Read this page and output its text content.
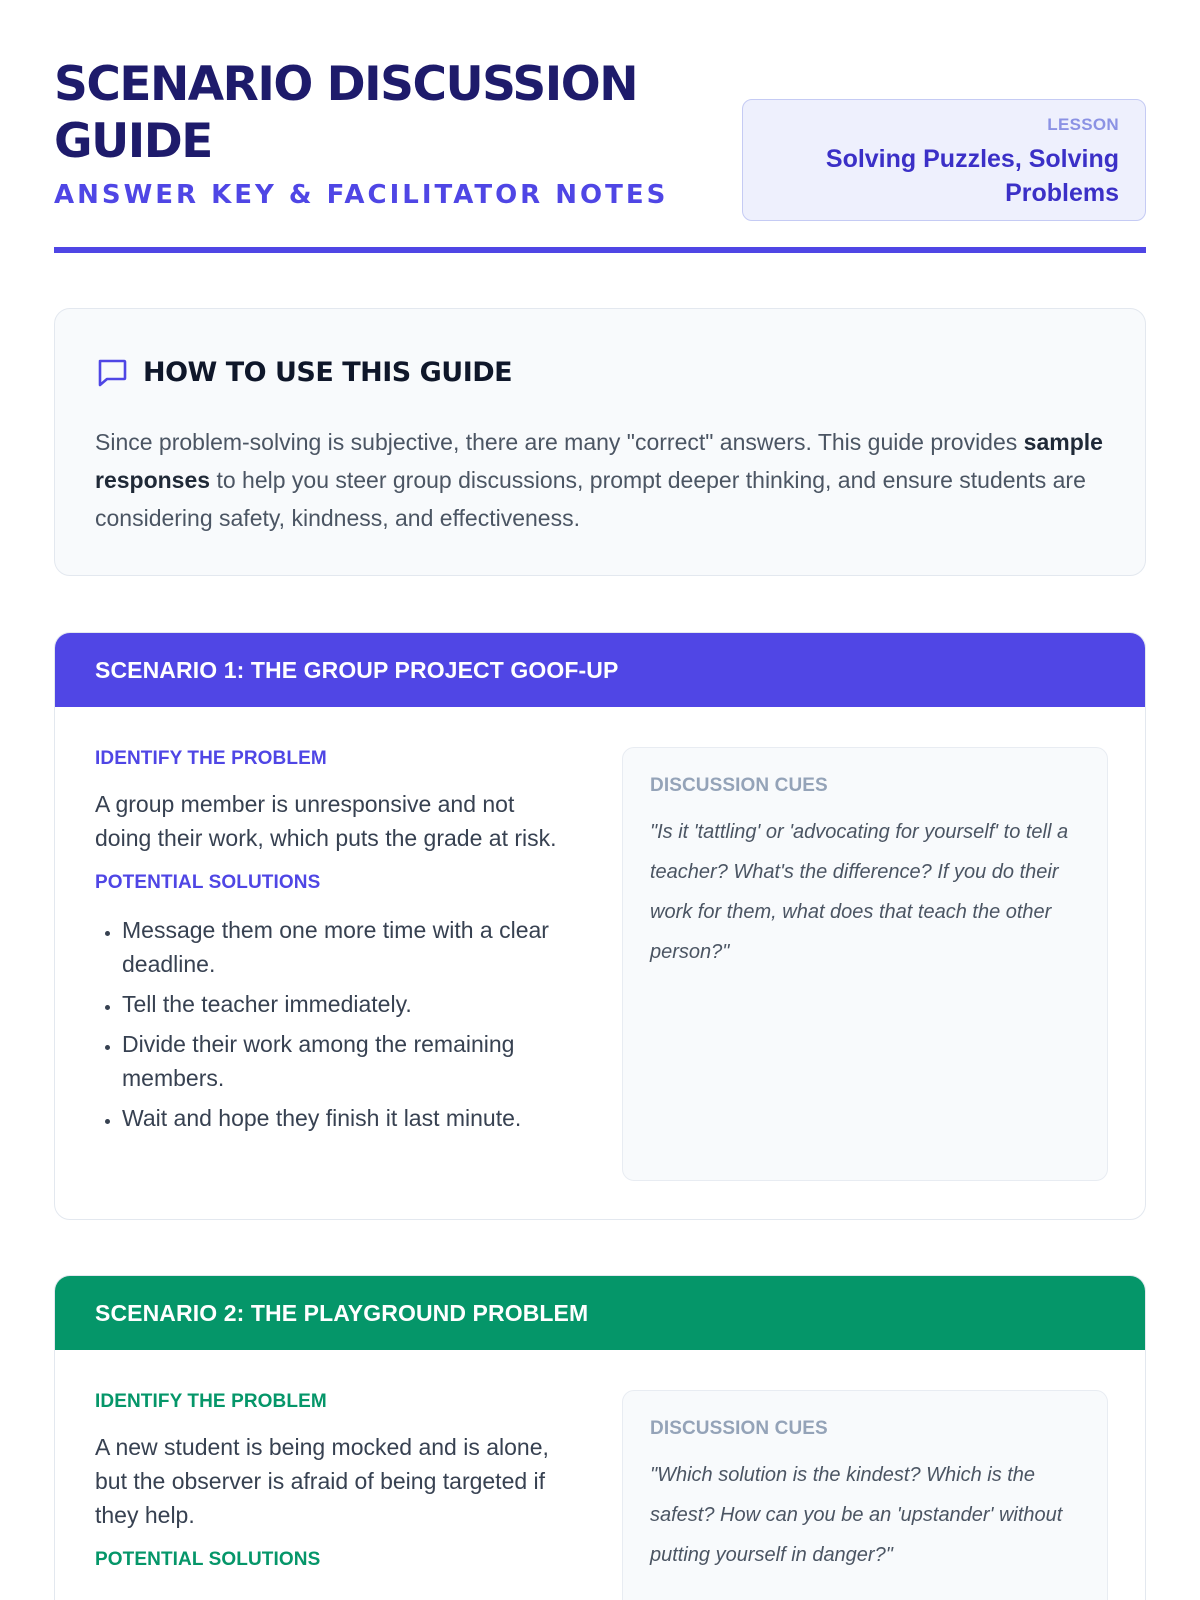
SCENARIO DISCUSSION GUIDE
ANSWER KEY & FACILITATOR NOTES
LESSON
Solving Puzzles, Solving Problems
HOW TO USE THIS GUIDE

Since problem-solving is subjective, there are many "correct" answers. This guide provides sample responses to help you steer group discussions, prompt deeper thinking, and ensure students are considering safety, kindness, and effectiveness.

SCENARIO 1: THE GROUP PROJECT GOOF-UP
IDENTIFY THE PROBLEM
A group member is unresponsive and not doing their work, which puts the grade at risk.
POTENTIAL SOLUTIONS
• Message them one more time with a clear deadline.
• Tell the teacher immediately.
• Divide their work among the remaining members.
• Wait and hope they finish it last minute.
DISCUSSION CUES
"Is it 'tattling' or 'advocating for yourself' to tell a teacher? What's the difference? If you do their work for them, what does that teach the other person?"
SCENARIO 2: THE PLAYGROUND PROBLEM
IDENTIFY THE PROBLEM
A new student is being mocked and is alone, but the observer is afraid of being targeted if they help.
POTENTIAL SOLUTIONS
DISCUSSION CUES
"Which solution is the kindest? Which is the safest? How can you be an 'upstander' without putting yourself in danger?"
